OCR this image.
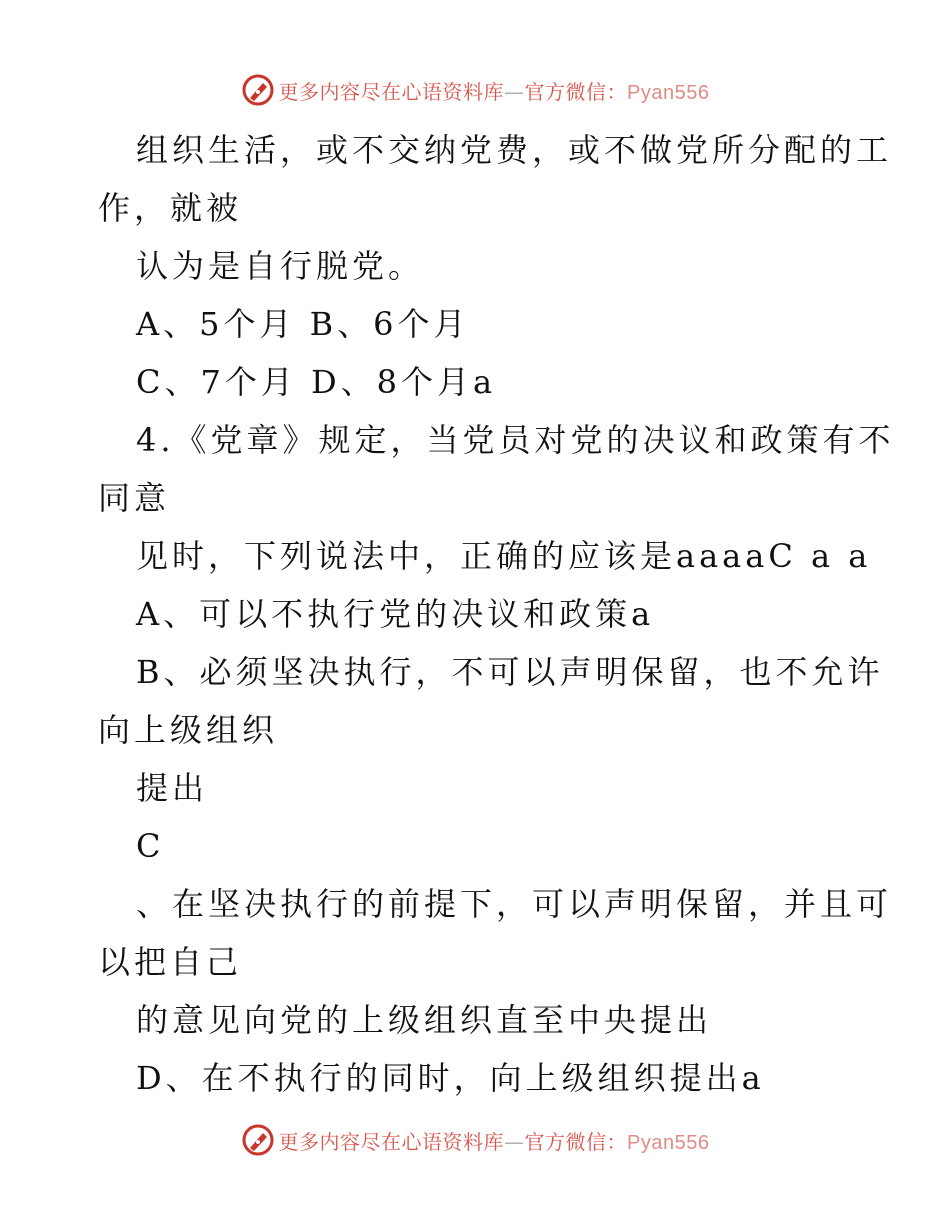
更多内容尽在心语资料库—官方微信：Pyan556
组织生活，或不交纳党费，或不做党所分配的工
作，就被
认为是自行脱党。
A、5个月 B、6个月
C、7个月 D、8个月a
4.《党章》规定，当党员对党的决议和政策有不
同意
见时，下列说法中，正确的应该是aaaaC a a
A、可以不执行党的决议和政策a
B、必须坚决执行，不可以声明保留，也不允许
向上级组织
提出
C
、在坚决执行的前提下，可以声明保留，并且可
以把自己
的意见向党的上级组织直至中央提出
D、在不执行的同时，向上级组织提出a
更多内容尽在心语资料库—官方微信：Pyan556
